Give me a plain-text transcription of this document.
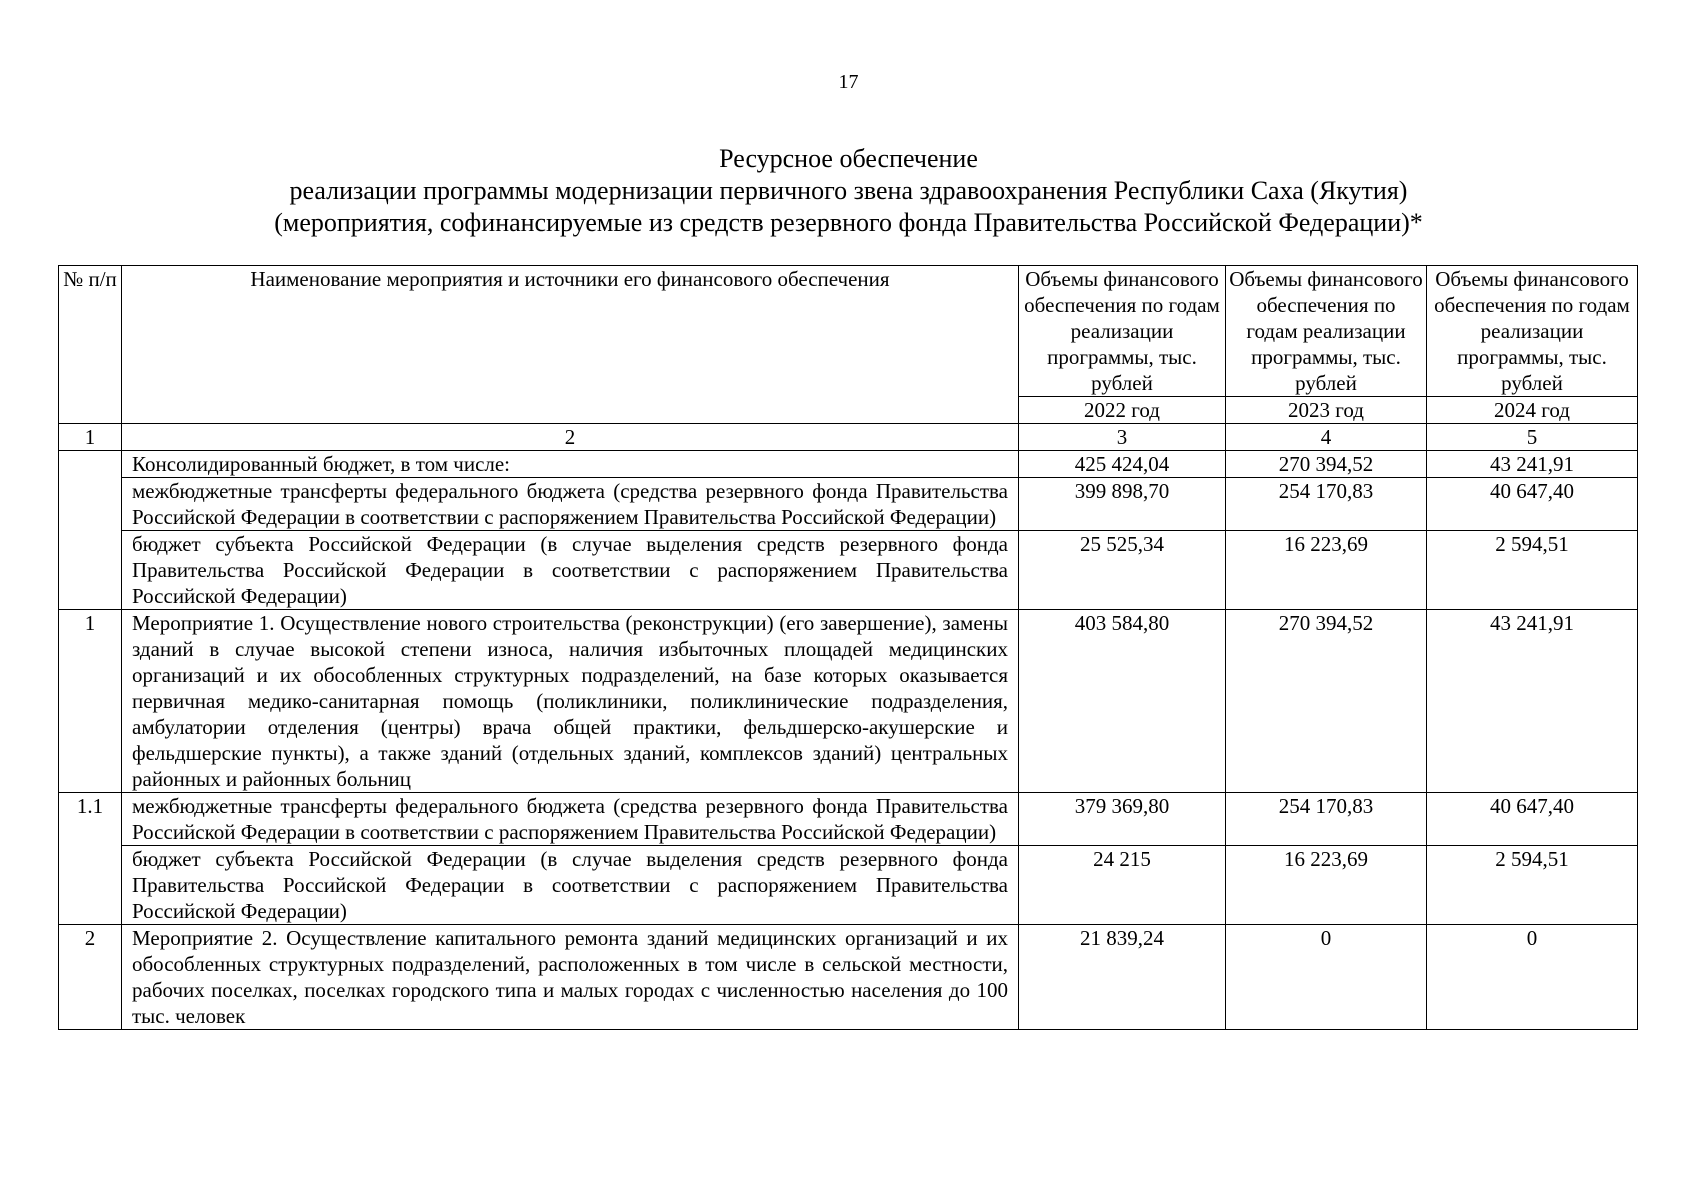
17
Ресурсное обеспечение
реализации программы модернизации первичного звена здравоохранения Республики Саха (Якутия)
(мероприятия, софинансируемые из средств резервного фонда Правительства Российской Федерации)*
№ п/п	Наименование мероприятия и источники его финансового обеспечения	Объемы финансового обеспечения по годам реализации программы, тыс. рублей	Объемы финансового обеспечения по годам реализации программы, тыс. рублей	Объемы финансового обеспечения по годам реализации программы, тыс. рублей
		2022 год	2023 год	2024 год
1	2	3	4	5
	Консолидированный бюджет, в том числе:	425 424,04	270 394,52	43 241,91
	межбюджетные трансферты федерального бюджета (средства резервного фонда Правительства Российской Федерации в соответствии с распоряжением Правительства Российской Федерации)	399 898,70	254 170,83	40 647,40
	бюджет субъекта Российской Федерации (в случае выделения средств резервного фонда Правительства Российской Федерации в соответствии с распоряжением Правительства Российской Федерации)	25 525,34	16 223,69	2 594,51
1	Мероприятие 1. Осуществление нового строительства (реконструкции) (его завершение), замены зданий в случае высокой степени износа, наличия избыточных площадей медицинских организаций и их обособленных структурных подразделений, на базе которых оказывается первичная медико-санитарная помощь (поликлиники, поликлинические подразделения, амбулатории отделения (центры) врача общей практики, фельдшерско-акушерские и фельдшерские пункты), а также зданий (отдельных зданий, комплексов зданий) центральных районных и районных больниц	403 584,80	270 394,52	43 241,91
1.1	межбюджетные трансферты федерального бюджета (средства резервного фонда Правительства Российской Федерации в соответствии с распоряжением Правительства Российской Федерации)	379 369,80	254 170,83	40 647,40
	бюджет субъекта Российской Федерации (в случае выделения средств резервного фонда Правительства Российской Федерации в соответствии с распоряжением Правительства Российской Федерации)	24 215	16 223,69	2 594,51
2	Мероприятие 2. Осуществление капитального ремонта зданий медицинских организаций и их обособленных структурных подразделений, расположенных в том числе в сельской местности, рабочих поселках, поселках городского типа и малых городах с численностью населения до 100 тыс. человек	21 839,24	0	0
